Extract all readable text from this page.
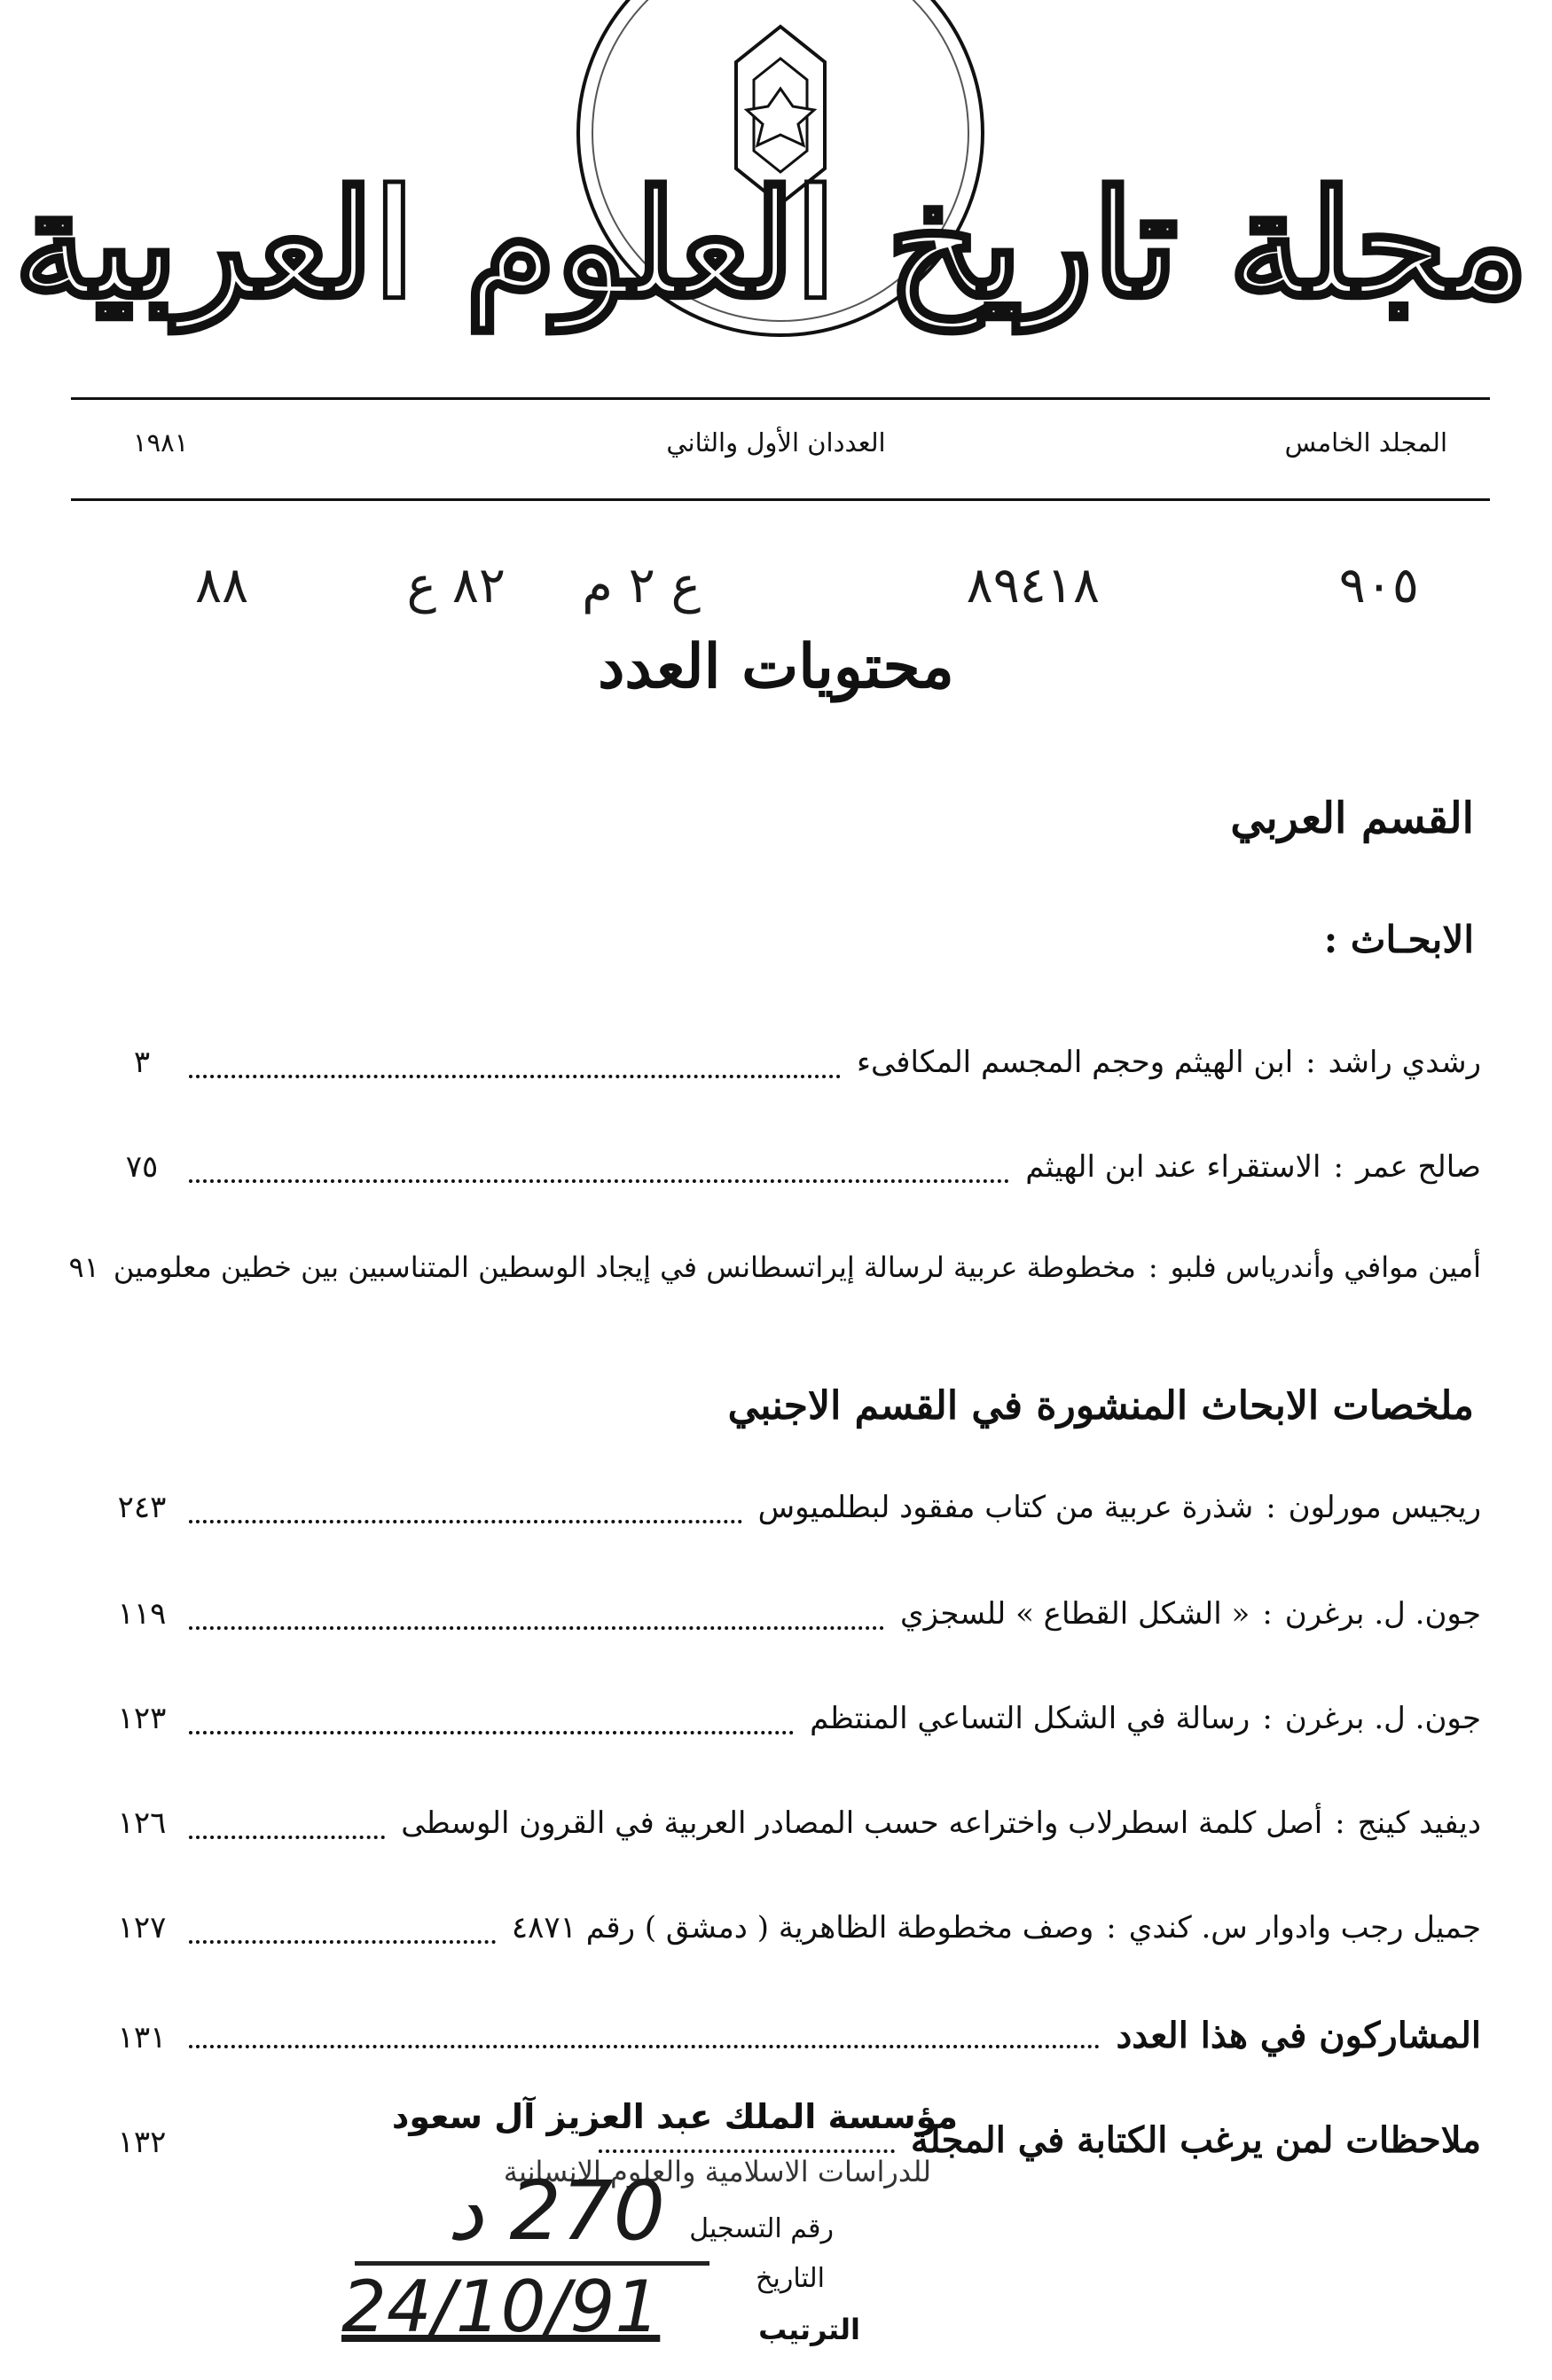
مجلة تاريخ العلوم العربية
المجلد الخامس
العددان الأول والثاني
١٩٨١
٩٠٥
٨٩٤١٨
ع ٢ م
٨٢ ع
٨٨
محتويات العدد
القسم العربي
الابحـاث :
رشدي راشد
:
ابن الهيثم وحجم المجسم المكافىء
٣
صالح عمر
:
الاستقراء عند ابن الهيثم
٧٥
أمين موافي وأندرياس فلبو
:
مخطوطة عربية لرسالة إيراتسطانس في إيجاد الوسطين المتناسبين بين خطين معلومين
٩١
ملخصات الابحاث المنشورة في القسم الاجنبي
ريجيس مورلون
:
شذرة عربية من كتاب مفقود لبطلميوس
٢٤٣
جون. ل. برغرن
:
« الشكل القطاع » للسجزي
١١٩
جون. ل. برغرن
:
رسالة في الشكل التساعي المنتظم
١٢٣
ديفيد كينج
:
أصل كلمة اسطرلاب واختراعه حسب المصادر العربية في القرون الوسطى
١٢٦
جميل رجب وادوار س. كندي
:
وصف مخطوطة الظاهرية ( دمشق ) رقم ٤٨٧١
١٢٧
المشاركون في هذا العدد
١٣١
ملاحظات لمن يرغب الكتابة في المجلة
١٣٢
مؤسسة الملك عبد العزيز آل سعود
للدراسات الاسلامية والعلوم الانسانية
رقم التسجيل
270 د
التاريخ
الترتيب
24/10/91
